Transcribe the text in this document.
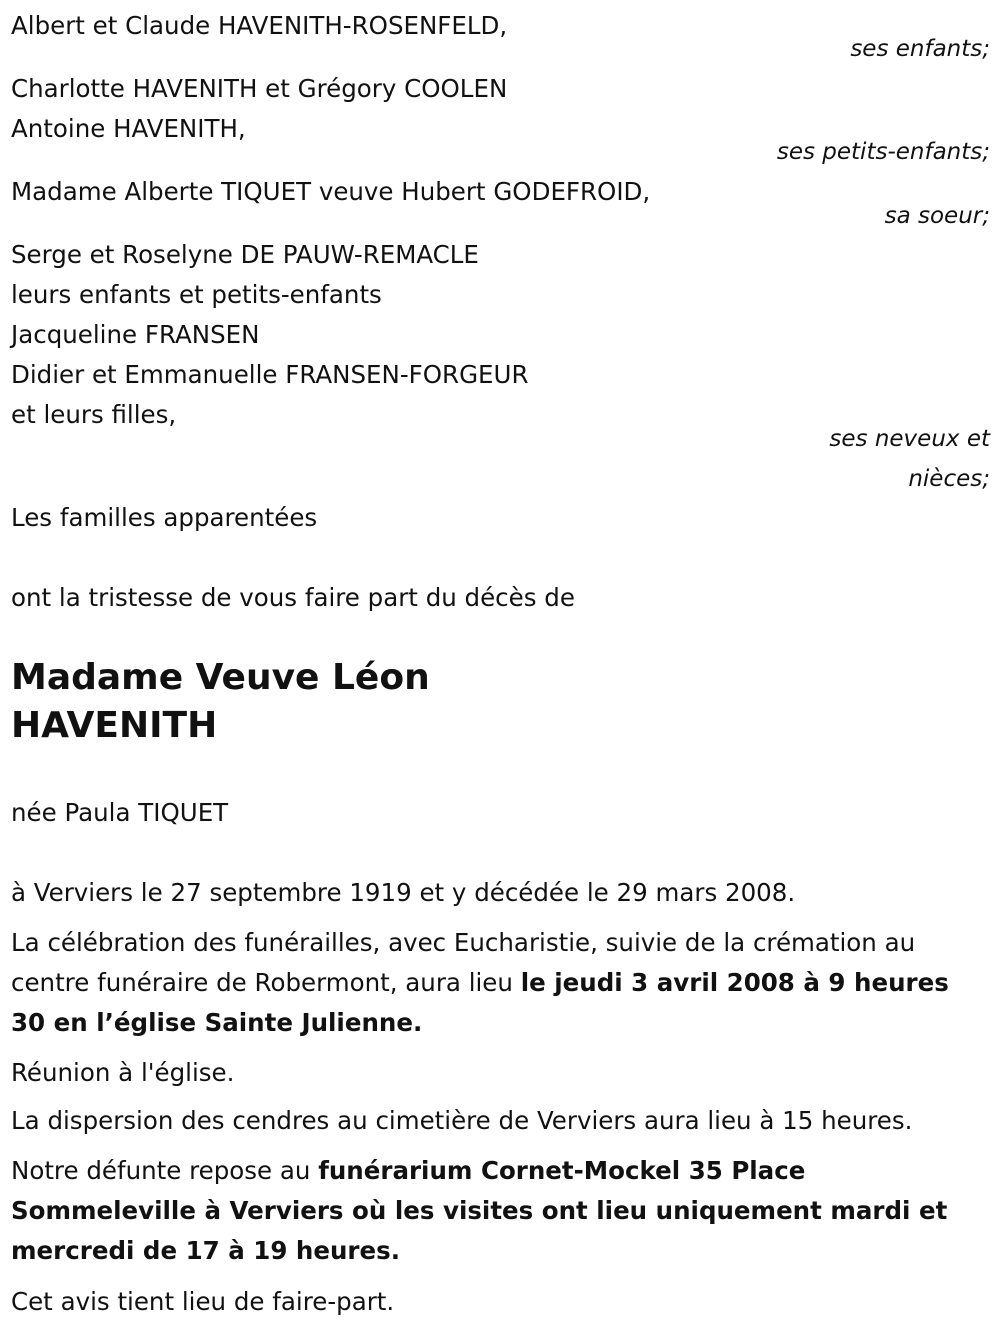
Albert et Claude HAVENITH-ROSENFELD,
ses enfants;
Charlotte HAVENITH et Grégory COOLEN
Antoine HAVENITH,
ses petits-enfants;
Madame Alberte TIQUET veuve Hubert GODEFROID,
sa soeur;
Serge et Roselyne DE PAUW-REMACLE
leurs enfants et petits-enfants
Jacqueline FRANSEN
Didier et Emmanuelle FRANSEN-FORGEUR
et leurs filles,
ses neveux et
nièces;
Les familles apparentées
ont la tristesse de vous faire part du décès de
Madame Veuve Léon
HAVENITH
née Paula TIQUET
à Verviers le 27 septembre 1919 et y décédée le 29 mars 2008.
La célébration des funérailles, avec Eucharistie, suivie de la crémation au centre funéraire de Robermont, aura lieu le jeudi 3 avril 2008 à 9 heures 30 en l’église Sainte Julienne.
Réunion à l'église.
La dispersion des cendres au cimetière de Verviers aura lieu à 15 heures.
Notre défunte repose au funérarium Cornet-Mockel 35 Place Sommeleville à Verviers où les visites ont lieu uniquement mardi et mercredi de 17 à 19 heures.
Cet avis tient lieu de faire-part.
